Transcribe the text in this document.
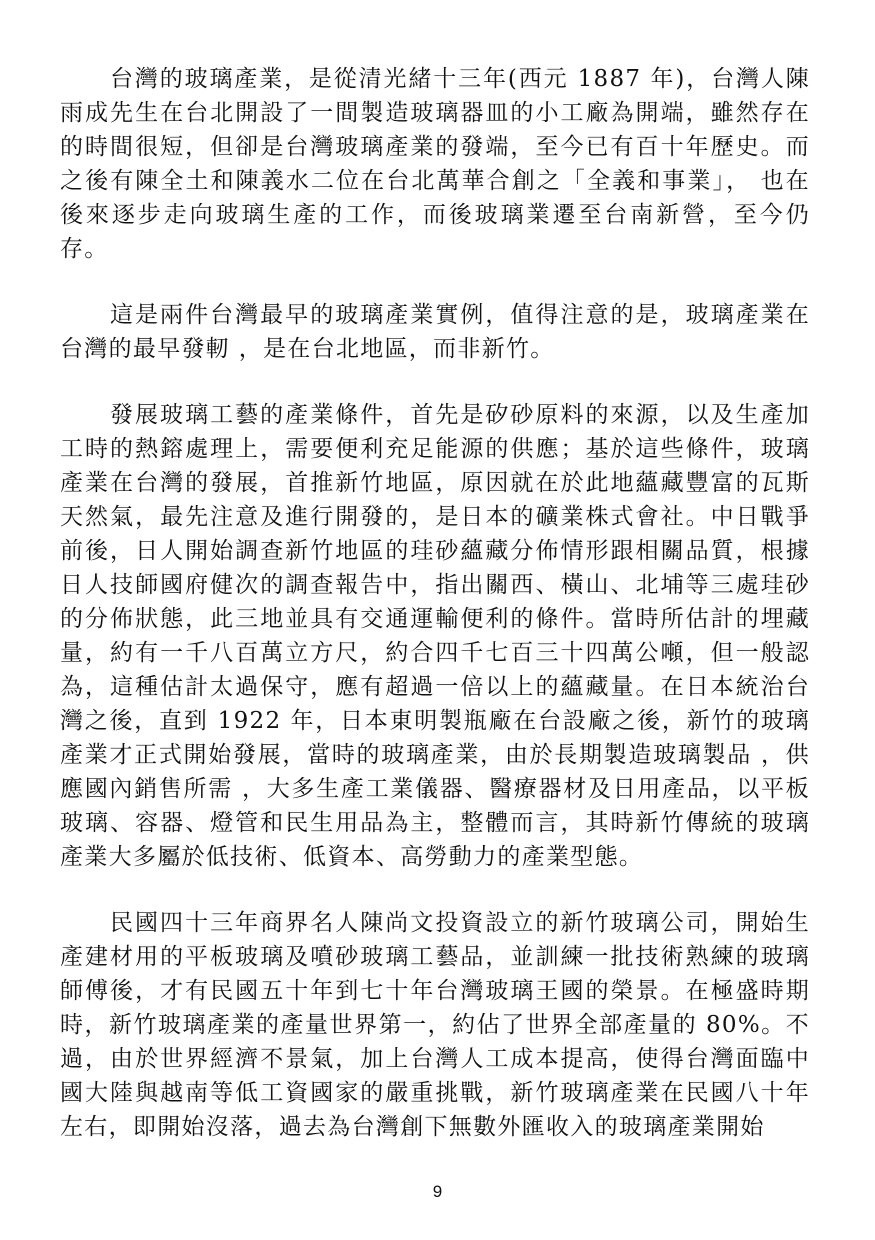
台灣的玻璃產業，是從清光緒十三年(西元 1887 年)，台灣人陳雨成先生在台北開設了一間製造玻璃器皿的小工廠為開端，雖然存在的時間很短，但卻是台灣玻璃產業的發端，至今已有百十年歷史。而之後有陳全土和陳義水二位在台北萬華合創之「全義和事業」， 也在後來逐步走向玻璃生產的工作，而後玻璃業遷至台南新營，至今仍存。

這是兩件台灣最早的玻璃產業實例，值得注意的是，玻璃產業在台灣的最早發軔 ，是在台北地區，而非新竹。

發展玻璃工藝的產業條件，首先是矽砂原料的來源，以及生產加工時的熱鎔處理上，需要便利充足能源的供應；基於這些條件，玻璃產業在台灣的發展，首推新竹地區，原因就在於此地蘊藏豐富的瓦斯天然氣，最先注意及進行開發的，是日本的礦業株式會社。中日戰爭前後，日人開始調查新竹地區的珪砂蘊藏分佈情形跟相關品質，根據日人技師國府健次的調查報告中，指出關西、橫山、北埔等三處珪砂的分佈狀態，此三地並具有交通運輸便利的條件。當時所估計的埋藏量，約有一千八百萬立方尺，約合四千七百三十四萬公噸，但一般認為，這種估計太過保守，應有超過一倍以上的蘊藏量。在日本統治台灣之後，直到 1922 年，日本東明製瓶廠在台設廠之後，新竹的玻璃產業才正式開始發展，當時的玻璃產業，由於長期製造玻璃製品 ，供應國內銷售所需 ，大多生產工業儀器、醫療器材及日用產品，以平板玻璃、容器、燈管和民生用品為主，整體而言，其時新竹傳統的玻璃產業大多屬於低技術、低資本、高勞動力的產業型態。

民國四十三年商界名人陳尚文投資設立的新竹玻璃公司，開始生產建材用的平板玻璃及噴砂玻璃工藝品，並訓練一批技術熟練的玻璃師傅後，才有民國五十年到七十年台灣玻璃王國的榮景。在極盛時期時，新竹玻璃產業的產量世界第一，約佔了世界全部產量的 80%。不過，由於世界經濟不景氣，加上台灣人工成本提高，使得台灣面臨中國大陸與越南等低工資國家的嚴重挑戰，新竹玻璃產業在民國八十年左右，即開始沒落，過去為台灣創下無數外匯收入的玻璃產業開始

9
